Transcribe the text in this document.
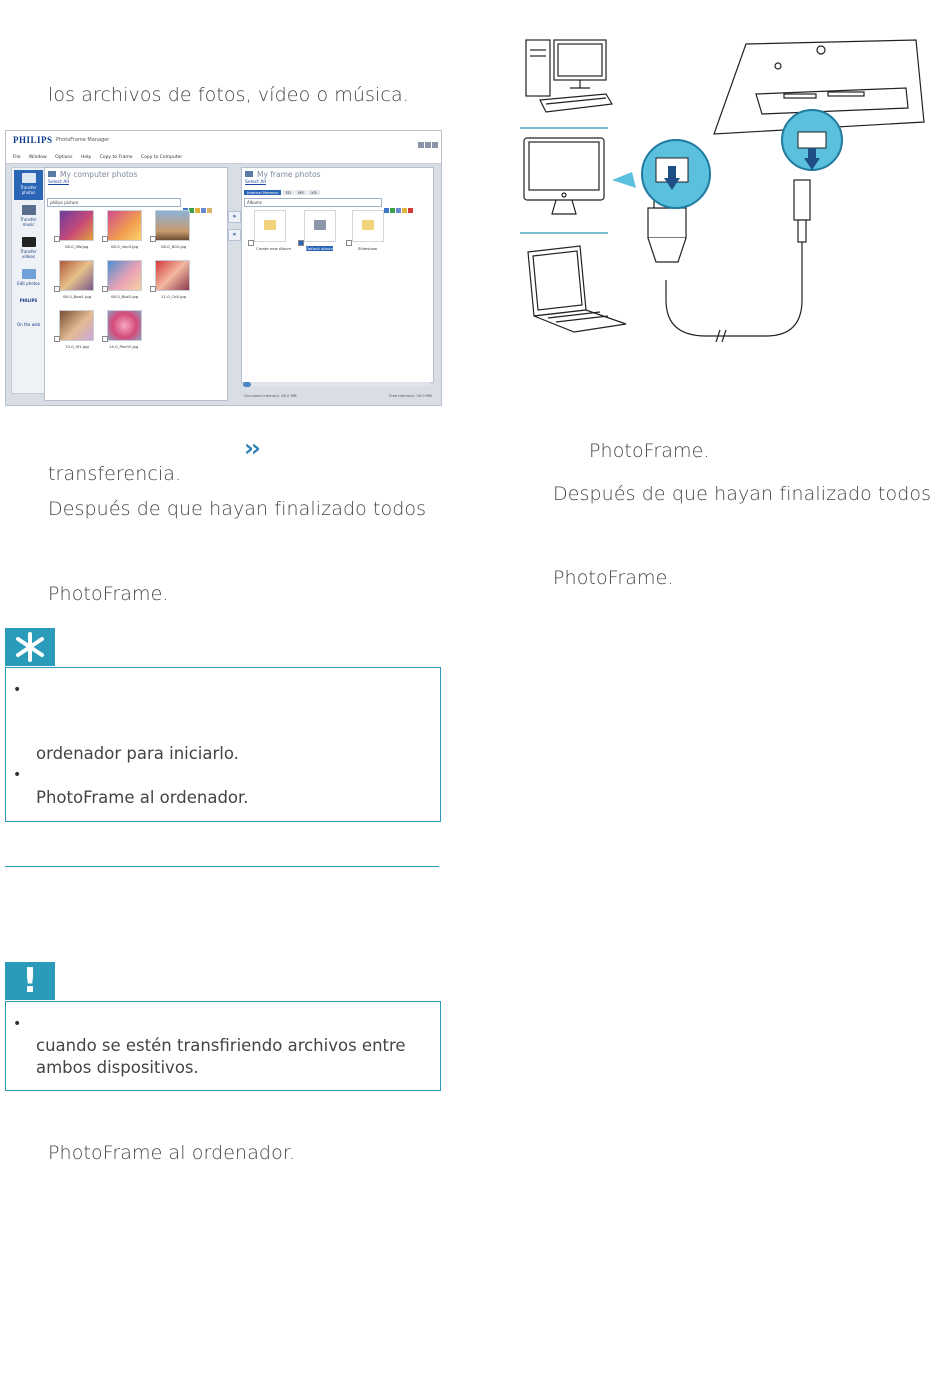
los archivos de fotos, vídeo o música.
PHILIPS PhotoFrame Manager
File Window Options Help Copy to Frame Copy to Computer
Transfer photos
Transfer music
Transfer videos
Edit photos
PHILIPS
On the web
My computer photos
Select All
philips picture
08-0_0W.jpg	08-0_lmp3.jpg	08-0_N02.jpg
08-0_Bow1.jpg	08-0_Btw2.jpg	11-0_Cd0.jpg
13-0_0f1.jpg	14-0_Pkn02.jpg
»
«
My frame photos
Select All
Internal Memory SD MS XD
Albums
Create new Album	Default album	Slideshow
Occupied memory: 46.0 MB	Free memory: 59.0 MB
››
transferencia.
Después de que hayan finalizado todos
PhotoFrame.
•
ordenador para iniciarlo.
•
PhotoFrame al ordenador.
!
•
cuando se estén transfiriendo archivos entre
ambos dispositivos.
PhotoFrame al ordenador.
PhotoFrame.
Después de que hayan finalizado todos
PhotoFrame.
